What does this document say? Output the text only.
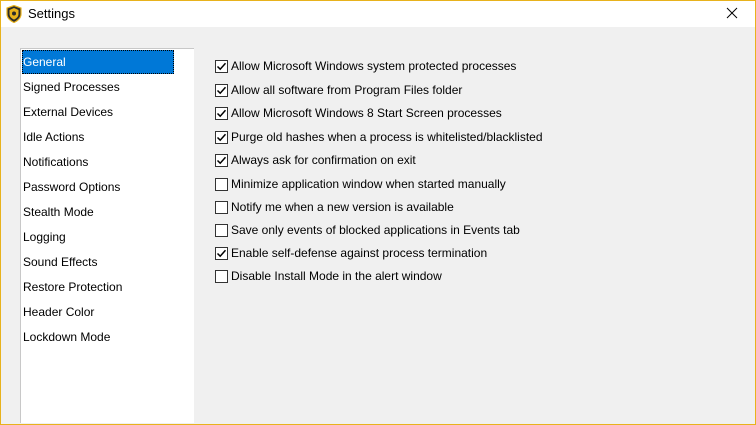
Settings
General
Signed Processes
External Devices
Idle Actions
Notifications
Password Options
Stealth Mode
Logging
Sound Effects
Restore Protection
Header Color
Lockdown Mode
Allow Microsoft Windows system protected processes
Allow all software from Program Files folder
Allow Microsoft Windows 8 Start Screen processes
Purge old hashes when a process is whitelisted/blacklisted
Always ask for confirmation on exit
Minimize application window when started manually
Notify me when a new version is available
Save only events of blocked applications in Events tab
Enable self-defense against process termination
Disable Install Mode in the alert window
